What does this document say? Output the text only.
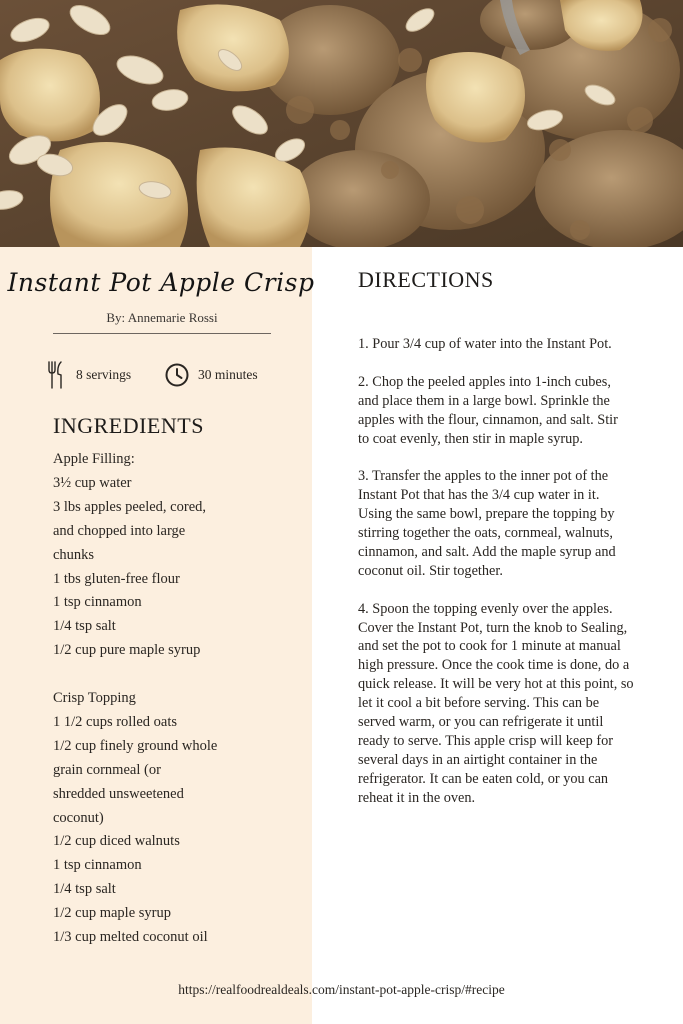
Instant Pot Apple Crisp
By: Annemarie Rossi
8 servings	30 minutes
INGREDIENTS
Apple Filling:
3½ cup water
3 lbs apples peeled, cored,
and chopped into large
chunks
1 tbs gluten-free flour
1 tsp cinnamon
1/4 tsp salt
1/2 cup pure maple syrup
Crisp Topping
1 1/2 cups rolled oats
1/2 cup finely ground whole
grain cornmeal (or
shredded unsweetened
coconut)
1/2 cup diced walnuts
1 tsp cinnamon
1/4 tsp salt
1/2 cup maple syrup
1/3 cup melted coconut oil
DIRECTIONS
1. Pour 3/4 cup of water into the Instant Pot.
2. Chop the peeled apples into 1-inch cubes,
and place them in a large bowl. Sprinkle the
apples with the flour, cinnamon, and salt. Stir
to coat evenly, then stir in maple syrup.
3. Transfer the apples to the inner pot of the
Instant Pot that has the 3/4 cup water in it.
Using the same bowl, prepare the topping by
stirring together the oats, cornmeal, walnuts,
cinnamon, and salt. Add the maple syrup and
coconut oil. Stir together.
4. Spoon the topping evenly over the apples.
Cover the Instant Pot, turn the knob to Sealing,
and set the pot to cook for 1 minute at manual
high pressure. Once the cook time is done, do a
quick release. It will be very hot at this point, so
let it cool a bit before serving. This can be
served warm, or you can refrigerate it until
ready to serve. This apple crisp will keep for
several days in an airtight container in the
refrigerator. It can be eaten cold, or you can
reheat it in the oven.
https://realfoodrealdeals.com/instant-pot-apple-crisp/#recipe
